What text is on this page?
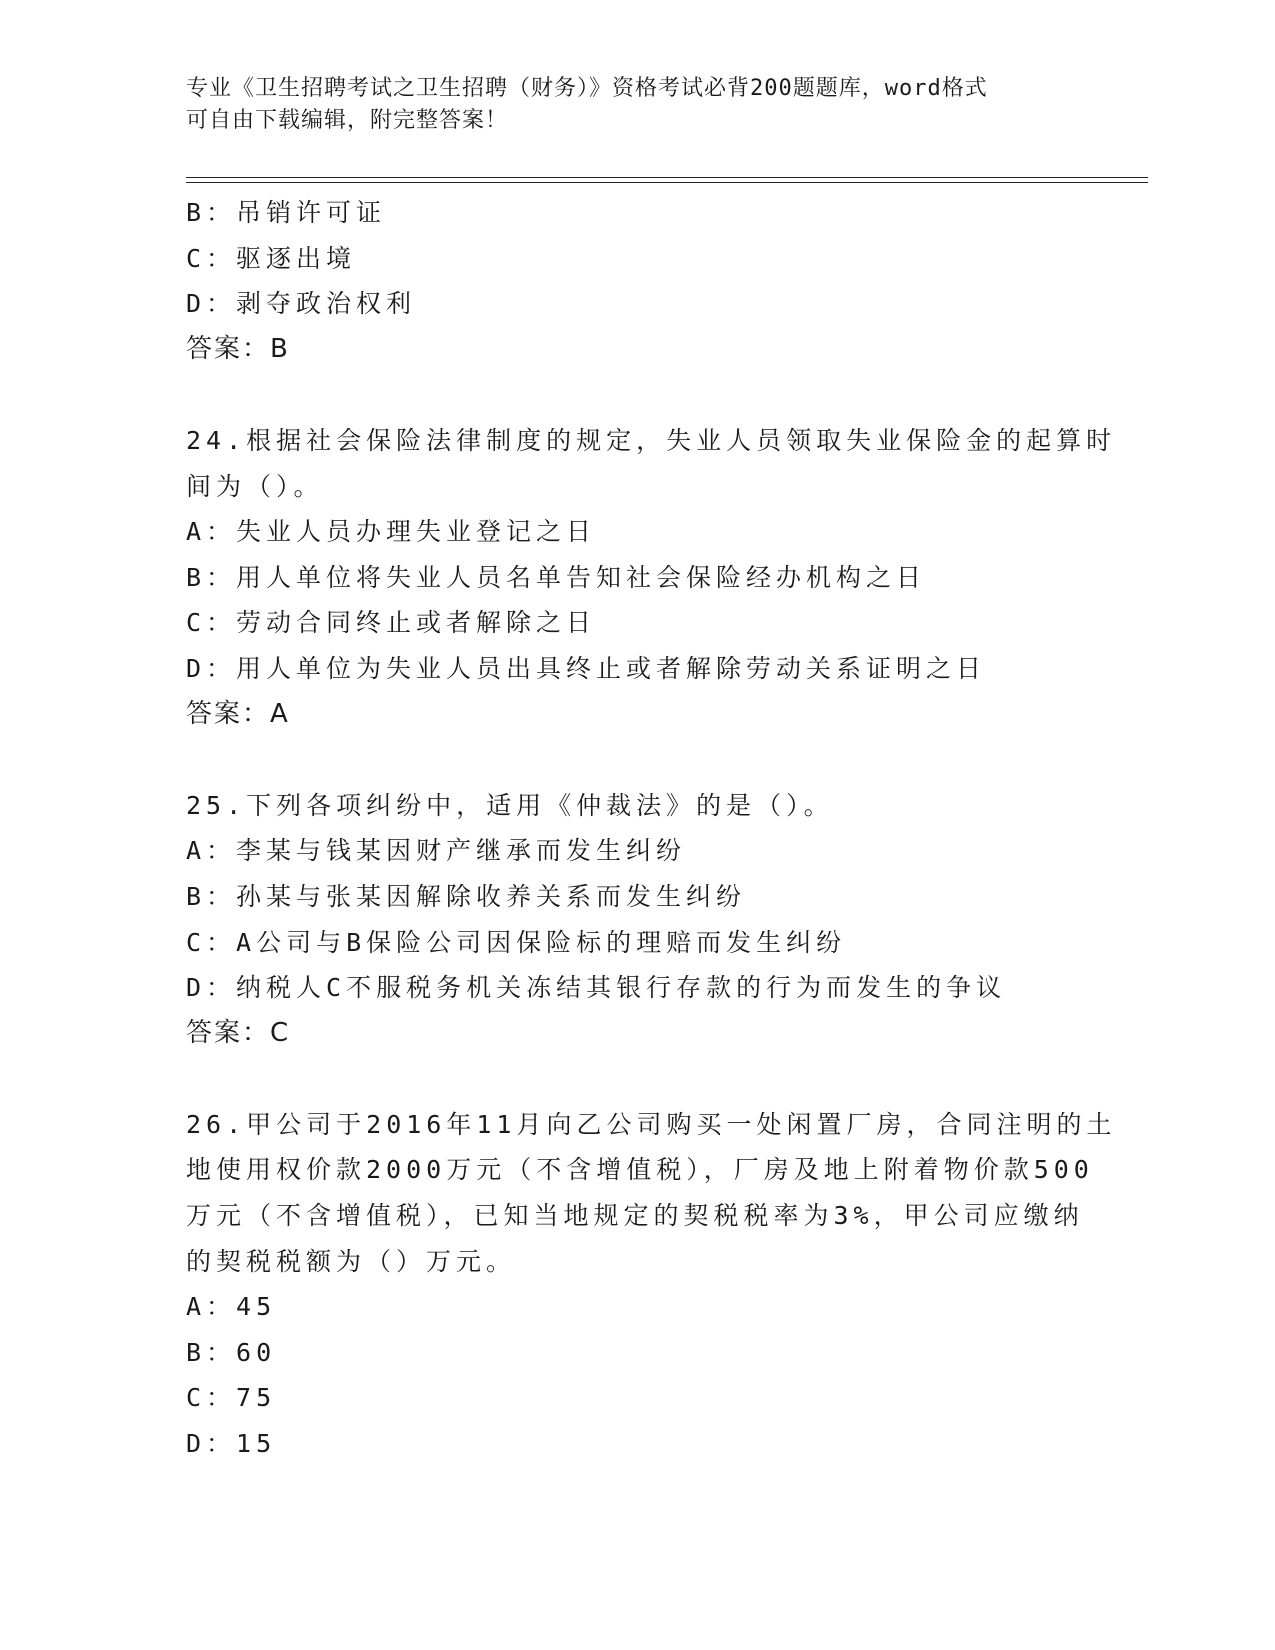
专业《卫生招聘考试之卫生招聘（财务）》资格考试必背200题题库，word格式
可自由下载编辑，附完整答案！
B：吊销许可证
C：驱逐出境
D：剥夺政治权利
答案：B
24.根据社会保险法律制度的规定，失业人员领取失业保险金的起算时
间为（）。
A：失业人员办理失业登记之日
B：用人单位将失业人员名单告知社会保险经办机构之日
C：劳动合同终止或者解除之日
D：用人单位为失业人员出具终止或者解除劳动关系证明之日
答案：A
25.下列各项纠纷中，适用《仲裁法》的是（）。
A：李某与钱某因财产继承而发生纠纷
B：孙某与张某因解除收养关系而发生纠纷
C：A公司与B保险公司因保险标的理赔而发生纠纷
D：纳税人C不服税务机关冻结其银行存款的行为而发生的争议
答案：C
26.甲公司于2016年11月向乙公司购买一处闲置厂房，合同注明的土
地使用权价款2000万元（不含增值税），厂房及地上附着物价款500
万元（不含增值税），已知当地规定的契税税率为3%，甲公司应缴纳
的契税税额为（）万元。
A：45
B：60
C：75
D：15
